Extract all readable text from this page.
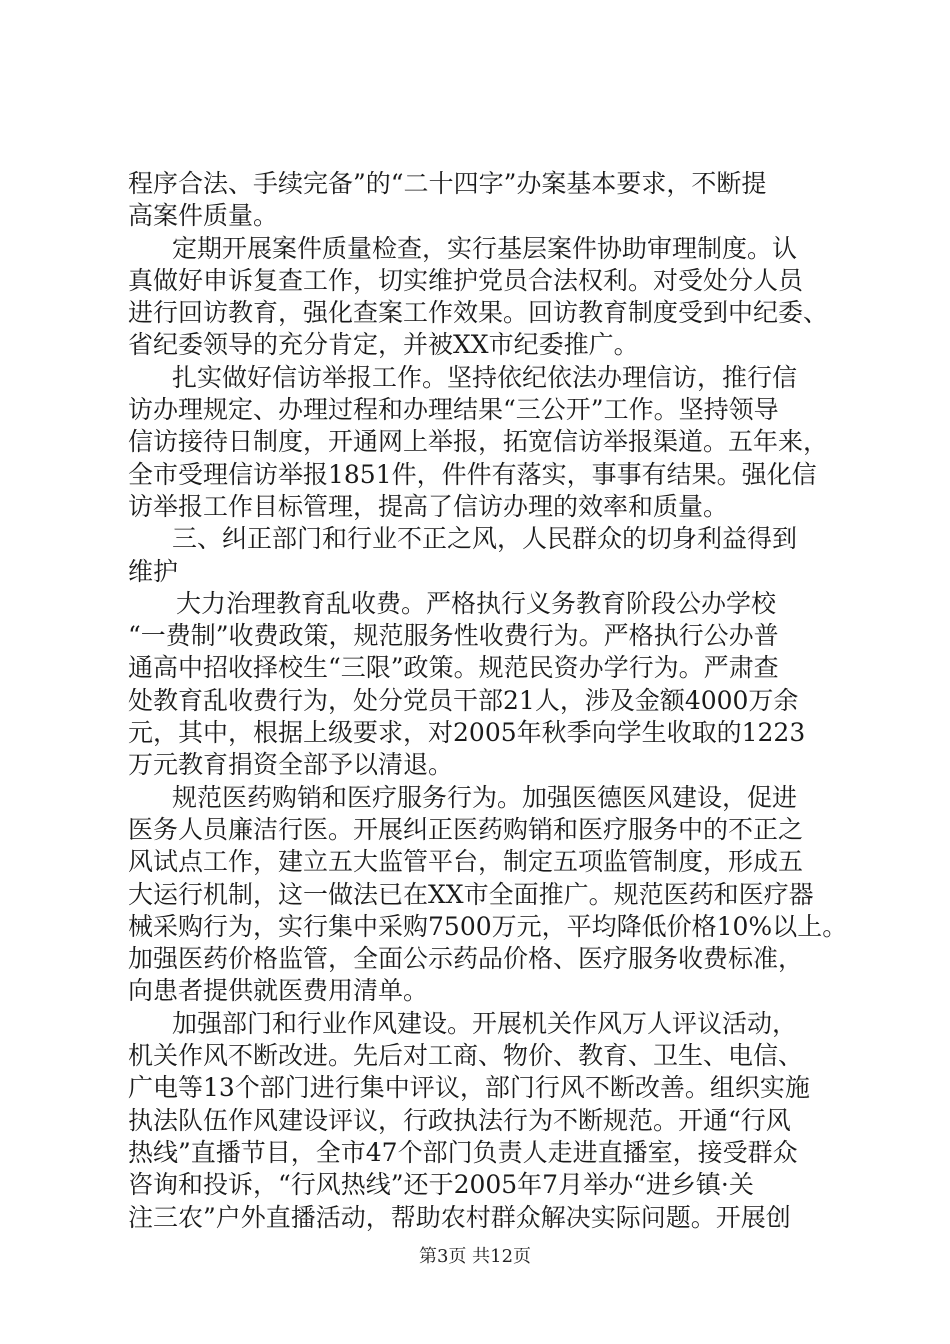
程序合法、手续完备”的“二十四字”办案基本要求，不断提

高案件质量。

定期开展案件质量检查，实行基层案件协助审理制度。认

真做好申诉复查工作，切实维护党员合法权利。对受处分人员

进行回访教育，强化查案工作效果。回访教育制度受到中纪委、

省纪委领导的充分肯定，并被XX市纪委推广。

扎实做好信访举报工作。坚持依纪依法办理信访，推行信

访办理规定、办理过程和办理结果“三公开”工作。坚持领导

信访接待日制度，开通网上举报，拓宽信访举报渠道。五年来，

全市受理信访举报1851件，件件有落实，事事有结果。强化信

访举报工作目标管理，提高了信访办理的效率和质量。

三、纠正部门和行业不正之风，人民群众的切身利益得到

维护

大力治理教育乱收费。严格执行义务教育阶段公办学校

“一费制”收费政策，规范服务性收费行为。严格执行公办普

通高中招收择校生“三限”政策。规范民资办学行为。严肃查

处教育乱收费行为，处分党员干部21人，涉及金额4000万余

元，其中，根据上级要求，对2005年秋季向学生收取的1223

万元教育捐资全部予以清退。

规范医药购销和医疗服务行为。加强医德医风建设，促进

医务人员廉洁行医。开展纠正医药购销和医疗服务中的不正之

风试点工作，建立五大监管平台，制定五项监管制度，形成五

大运行机制，这一做法已在XX市全面推广。规范医药和医疗器

械采购行为，实行集中采购7500万元，平均降低价格10%以上。

加强医药价格监管，全面公示药品价格、医疗服务收费标准，

向患者提供就医费用清单。

加强部门和行业作风建设。开展机关作风万人评议活动，

机关作风不断改进。先后对工商、物价、教育、卫生、电信、

广电等13个部门进行集中评议，部门行风不断改善。组织实施

执法队伍作风建设评议，行政执法行为不断规范。开通“行风

热线”直播节目，全市47个部门负责人走进直播室，接受群众

咨询和投诉，“行风热线”还于2005年7月举办“进乡镇·关

注三农”户外直播活动，帮助农村群众解决实际问题。开展创

第3页 共12页
